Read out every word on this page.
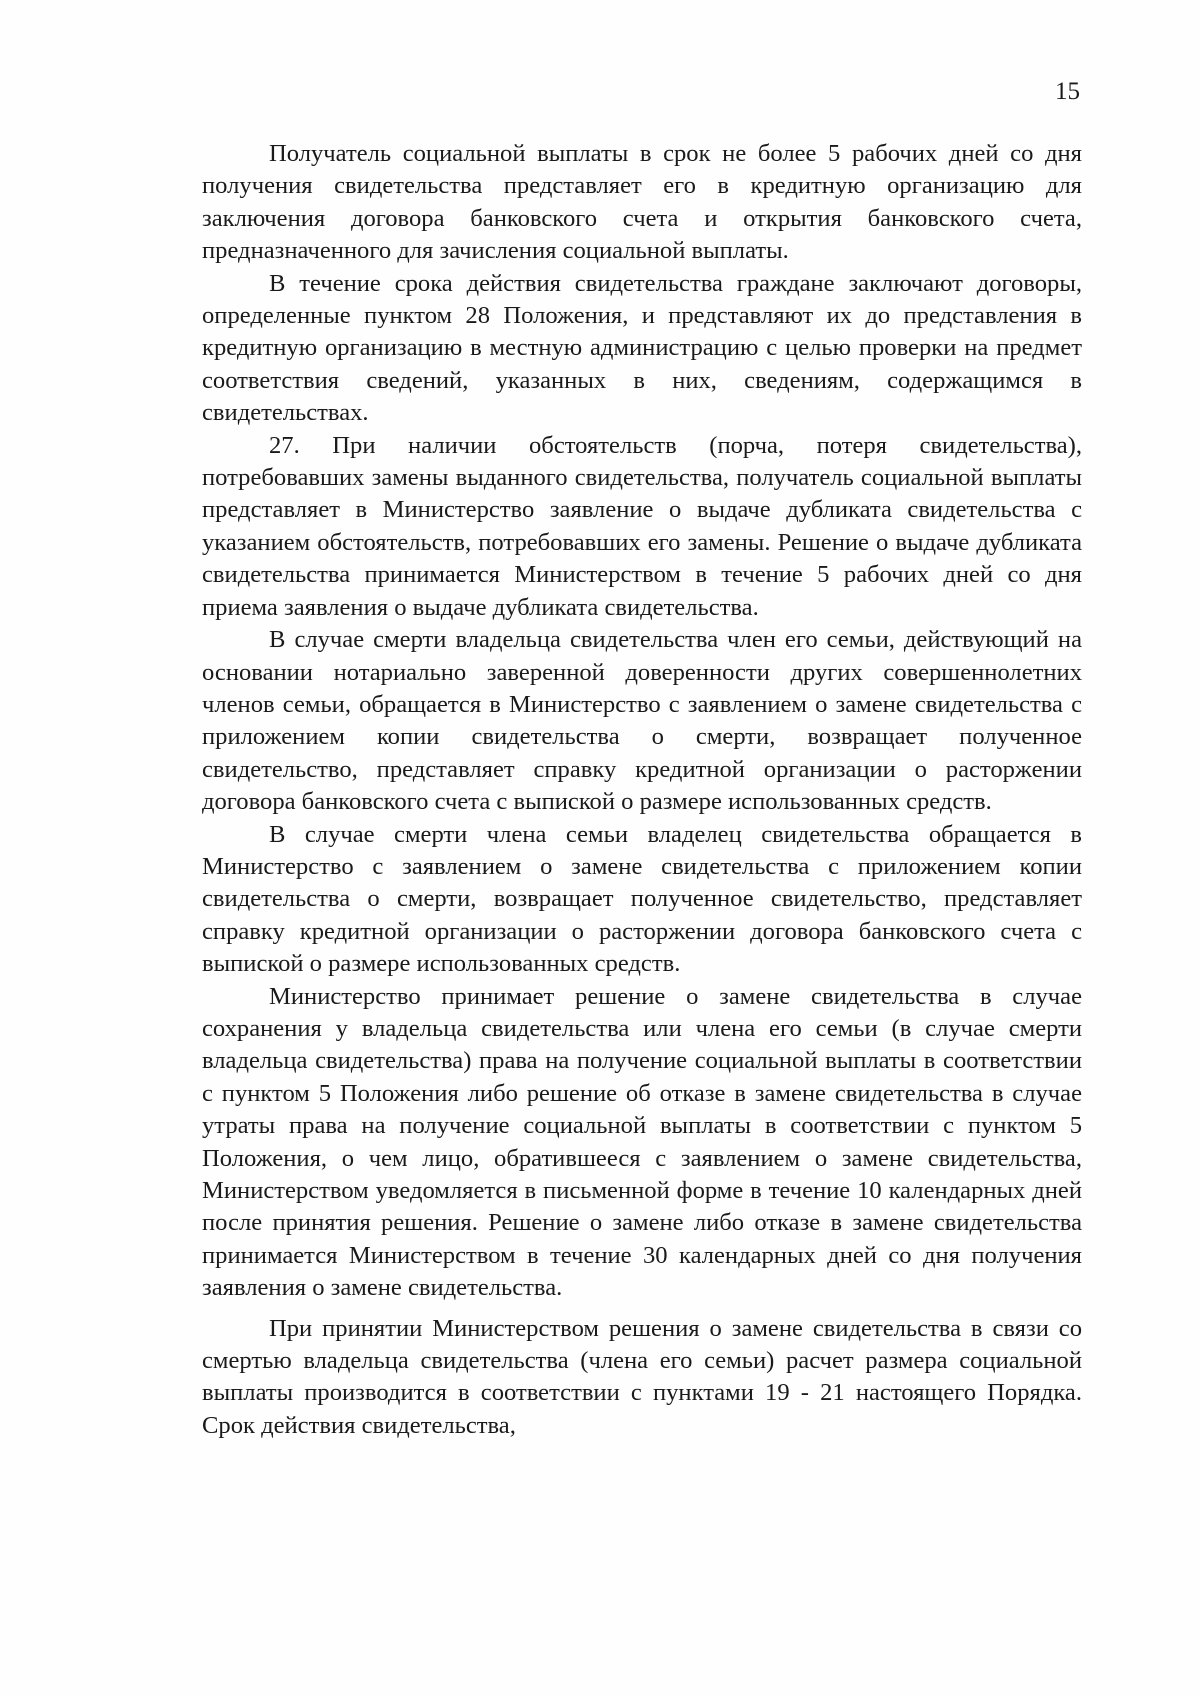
15

Получатель социальной выплаты в срок не более 5 рабочих дней со дня получения свидетельства представляет его в кредитную организацию для заключения договора банковского счета и открытия банковского счета, предназначенного для зачисления социальной выплаты.

В течение срока действия свидетельства граждане заключают договоры, определенные пунктом 28 Положения, и представляют их до представления в кредитную организацию в местную администрацию с целью проверки на предмет соответствия сведений, указанных в них, сведениям, содержащимся в свидетельствах.

27. При наличии обстоятельств (порча, потеря свидетельства), потребовавших замены выданного свидетельства, получатель социальной выплаты представляет в Министерство заявление о выдаче дубликата свидетельства с указанием обстоятельств, потребовавших его замены. Решение о выдаче дубликата свидетельства принимается Министерством в течение 5 рабочих дней со дня приема заявления о выдаче дубликата свидетельства.

В случае смерти владельца свидетельства член его семьи, действующий на основании нотариально заверенной доверенности других совершеннолетних членов семьи, обращается в Министерство с заявлением о замене свидетельства с приложением копии свидетельства о смерти, возвращает полученное свидетельство, представляет справку кредитной организации о расторжении договора банковского счета с выпиской о размере использованных средств.

В случае смерти члена семьи владелец свидетельства обращается в Министерство с заявлением о замене свидетельства с приложением копии свидетельства о смерти, возвращает полученное свидетельство, представляет справку кредитной организации о расторжении договора банковского счета с выпиской о размере использованных средств.

Министерство принимает решение о замене свидетельства в случае сохранения у владельца свидетельства или члена его семьи (в случае смерти владельца свидетельства) права на получение социальной выплаты в соответствии с пунктом 5 Положения либо решение об отказе в замене свидетельства в случае утраты права на получение социальной выплаты в соответствии с пунктом 5 Положения, о чем лицо, обратившееся с заявлением о замене свидетельства, Министерством уведомляется в письменной форме в течение 10 календарных дней после принятия решения. Решение о замене либо отказе в замене свидетельства принимается Министерством в течение 30 календарных дней со дня получения заявления о замене свидетельства.

При принятии Министерством решения о замене свидетельства в связи со смертью владельца свидетельства (члена его семьи) расчет размера социальной выплаты производится в соответствии с пунктами 19 - 21 настоящего Порядка. Срок действия свидетельства,
